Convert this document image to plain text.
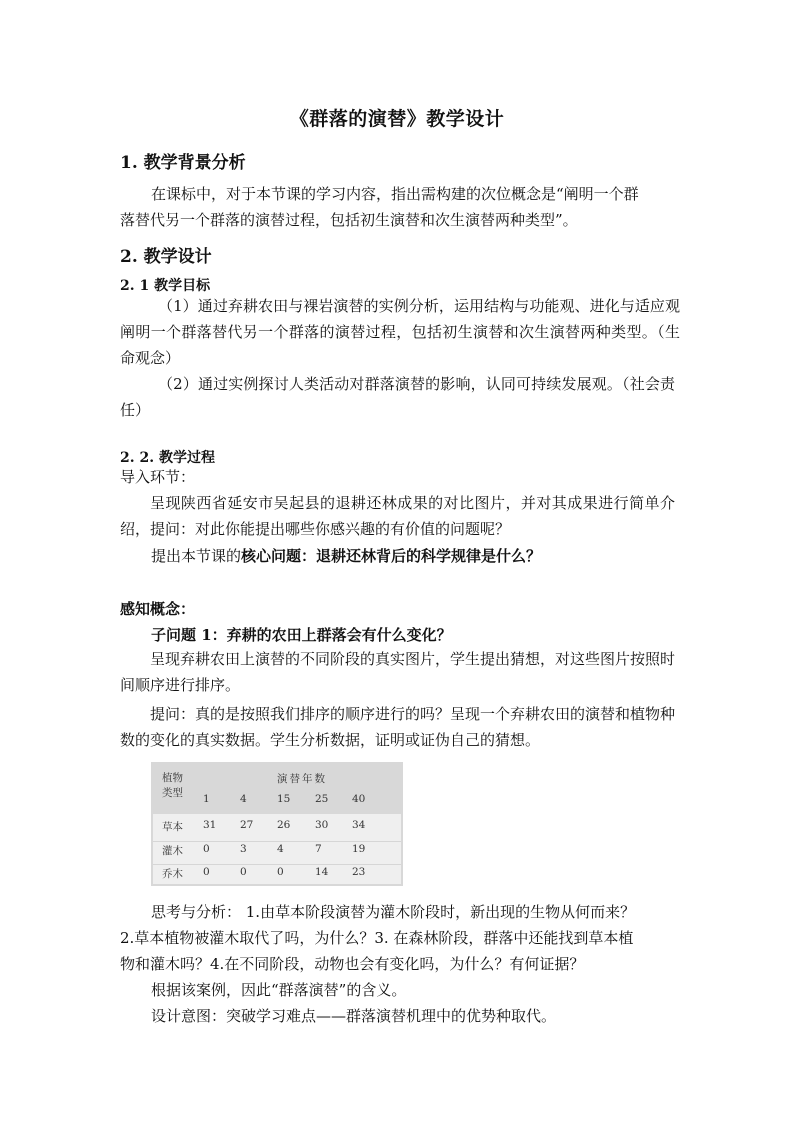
《群落的演替》教学设计
1. 教学背景分析
在课标中，对于本节课的学习内容，指出需构建的次位概念是“阐明一个群
落替代另一个群落的演替过程，包括初生演替和次生演替两种类型”。
2. 教学设计
2. 1 教学目标
（1）通过弃耕农田与裸岩演替的实例分析，运用结构与功能观、进化与适应观阐明一个群落替代另一个群落的演替过程，包括初生演替和次生演替两种类型。（生命观念）
（2）通过实例探讨人类活动对群落演替的影响，认同可持续发展观。（社会责任）
2. 2. 教学过程
导入环节：
呈现陕西省延安市吴起县的退耕还林成果的对比图片，并对其成果进行简单介绍，提问：对此你能提出哪些你感兴趣的有价值的问题呢？
提出本节课的核心问题：退耕还林背后的科学规律是什么？
感知概念：
子问题 1：弃耕的农田上群落会有什么变化？
呈现弃耕农田上演替的不同阶段的真实图片，学生提出猜想，对这些图片按照时间顺序进行排序。
提问：真的是按照我们排序的顺序进行的吗？呈现一个弃耕农田的演替和植物种数的变化的真实数据。学生分析数据，证明或证伪自己的猜想。
植物
类型
演替年数
1	4	15 25 40
草本 31 27 26 30 34
灌木 0	3	4	7	19
乔木 0	0	0	14 23
思考与分析： 1.由草本阶段演替为灌木阶段时，新出现的生物从何而来？
2.草本植物被灌木取代了吗，为什么？3. 在森林阶段，群落中还能找到草本植
物和灌木吗？4.在不同阶段，动物也会有变化吗，为什么？有何证据？
根据该案例，因此“群落演替”的含义。
设计意图：突破学习难点——群落演替机理中的优势种取代。
